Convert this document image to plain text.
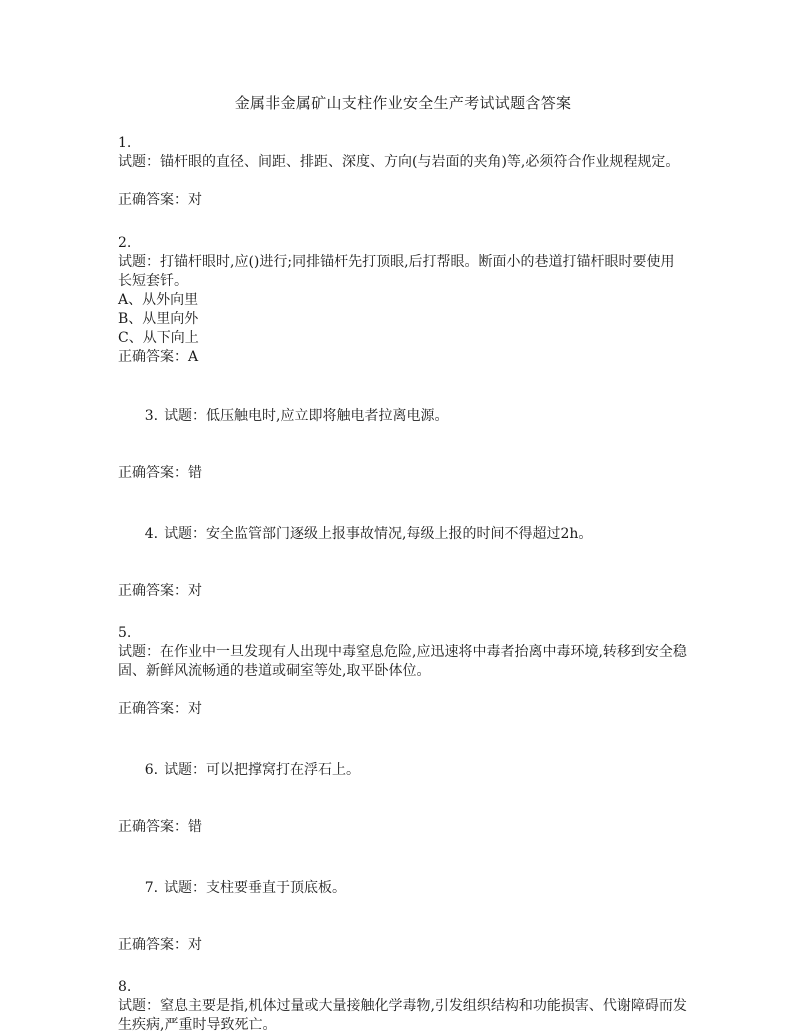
金属非金属矿山支柱作业安全生产考试试题含答案
1.
试题：锚杆眼的直径、间距、排距、深度、方向(与岩面的夹角)等,必须符合作业规程规定。
正确答案：对
2.
试题：打锚杆眼时,应()进行;同排锚杆先打顶眼,后打帮眼。断面小的巷道打锚杆眼时要使用长短套钎。
A、从外向里
B、从里向外
C、从下向上
正确答案：A

3. 试题：低压触电时,应立即将触电者拉离电源。

正确答案：错

4. 试题：安全监管部门逐级上报事故情况,每级上报的时间不得超过2h。

正确答案：对
5.
试题：在作业中一旦发现有人出现中毒窒息危险,应迅速将中毒者抬离中毒环境,转移到安全稳固、新鲜风流畅通的巷道或硐室等处,取平卧体位。
正确答案：对

6. 试题：可以把撑窝打在浮石上。

正确答案：错

7. 试题：支柱要垂直于顶底板。

正确答案：对
8.
试题：窒息主要是指,机体过量或大量接触化学毒物,引发组织结构和功能损害、代谢障碍而发生疾病,严重时导致死亡。
